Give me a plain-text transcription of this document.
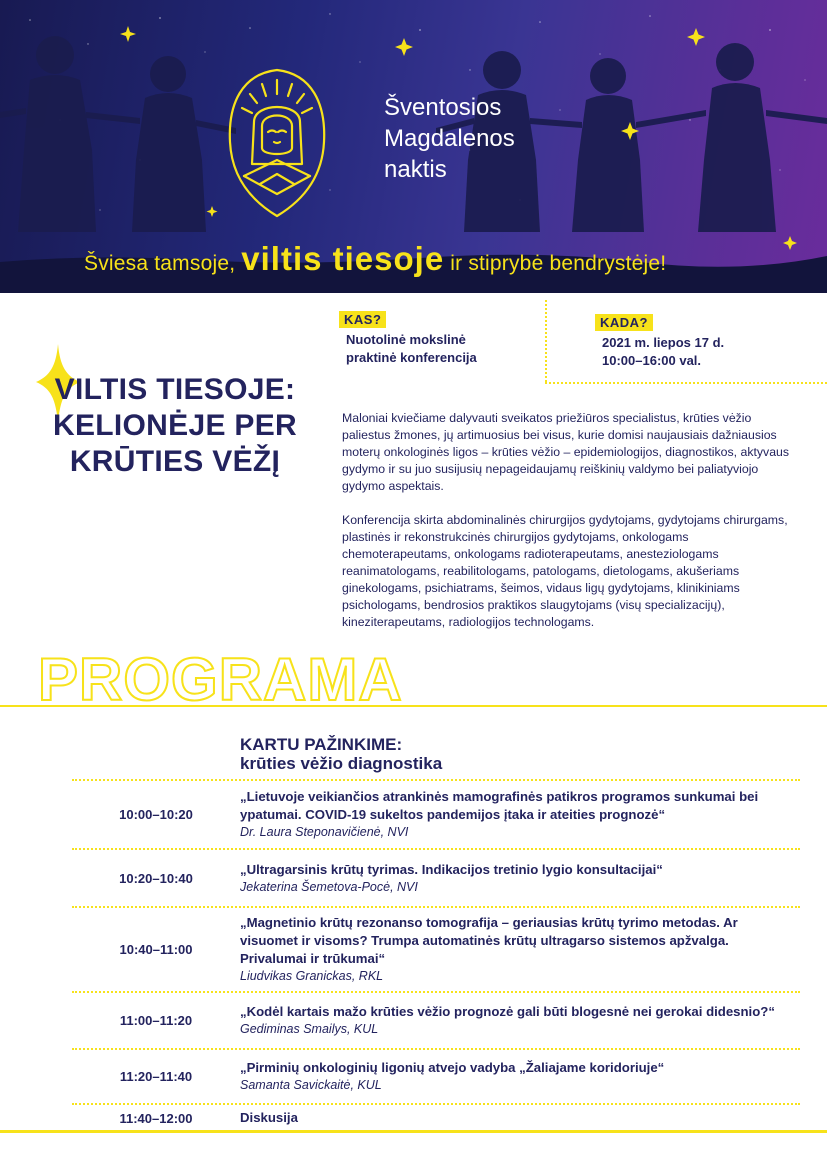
Šventosios
Magdalenos
naktis
Šviesa tamsoje, viltis tiesoje ir stiprybė bendrystėje!
KAS?
Nuotolinė mokslinė
praktinė konferencija
KADA?
2021 m. liepos 17 d.
10:00–16:00 val.
VILTIS TIESOJE:
KELIONĖJE PER
KRŪTIES VĖŽĮ

Maloniai kviečiame dalyvauti sveikatos priežiūros specialistus, krūties vėžio paliestus žmones, jų artimuosius bei visus, kurie domisi naujausiais dažniausios moterų onkologinės ligos – krūties vėžio – epidemiologijos, diagnostikos, aktyvaus gydymo ir su juo susijusių nepageidaujamų reiškinių valdymo bei paliatyviojo gydymo aspektais.

Konferencija skirta abdominalinės chirurgijos gydytojams, gydytojams chirurgams, plastinės ir rekonstrukcinės chirurgijos gydytojams, onkologams chemoterapeutams, onkologams radioterapeutams, anesteziologams reanimatologams, reabilitologams, patologams, dietologams, akušeriams ginekologams, psichiatrams, šeimos, vidaus ligų gydytojams, klinikiniams psichologams, bendrosios praktikos slaugytojams (visų specializacijų), kineziterapeutams, radiologijos technologams.

PROGRAMA
KARTU PAŽINKIME:
krūties vėžio diagnostika
10:00–10:20
„Lietuvoje veikiančios atrankinės mamografinės patikros programos sunkumai bei ypatumai. COVID-19 sukeltos pandemijos įtaka ir ateities prognozė“
Dr. Laura Steponavičienė, NVI
10:20–10:40
„Ultragarsinis krūtų tyrimas. Indikacijos tretinio lygio konsultacijai“
Jekaterina Šemetova-Pocė, NVI
10:40–11:00
„Magnetinio krūtų rezonanso tomografija – geriausias krūtų tyrimo metodas. Ar visuomet ir visoms? Trumpa automatinės krūtų ultragarso sistemos apžvalga. Privalumai ir trūkumai“
Liudvikas Granickas, RKL
11:00–11:20
„Kodėl kartais mažo krūties vėžio prognozė gali būti blogesnė nei gerokai didesnio?“
Gediminas Smailys, KUL
11:20–11:40
„Pirminių onkologinių ligonių atvejo vadyba „Žaliajame koridoriuje“
Samanta Savickaitė, KUL
11:40–12:00	Diskusija
